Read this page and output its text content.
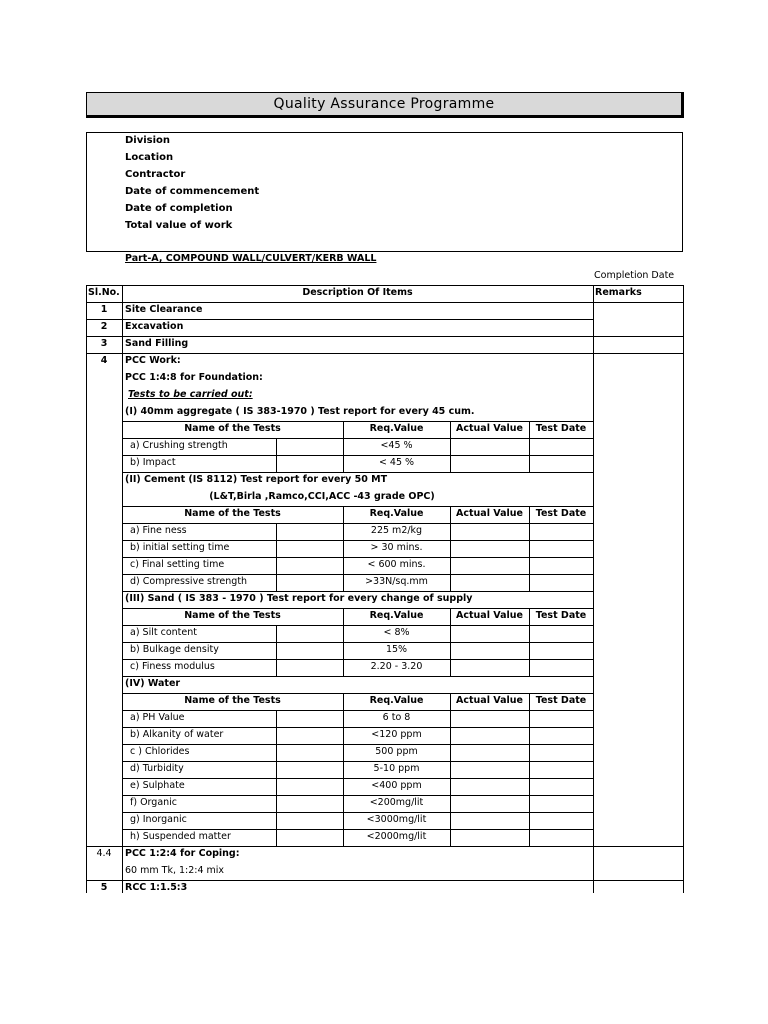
Quality Assurance Programme
Division
Location
Contractor
Date of commencement
Date of completion
Total value of work
Part-A, COMPOUND WALL/CULVERT/KERB WALL
Completion Date
Sl.No.	Description Of Items	Remarks
1	Site Clearance
2	Excavation
3	Sand Filling
4	PCC Work:
PCC 1:4:8 for Foundation:
Tests to be carried out:
(I) 40mm aggregate ( IS 383-1970 ) Test report for every 45 cum.
Name of the Tests	Req.Value	Actual Value	Test Date
a) Crushing strength	<45 %
b) Impact	< 45 %
(II) Cement (IS 8112) Test report for every 50 MT
(L&T,Birla ,Ramco,CCI,ACC -43 grade OPC)
Name of the Tests	Req.Value	Actual Value	Test Date
a) Fine ness	225 m2/kg
b) initial setting time	> 30 mins.
c) Final setting time	< 600 mins.
d) Compressive strength	>33N/sq.mm
(III) Sand ( IS 383 - 1970 ) Test report for every change of supply
Name of the Tests	Req.Value	Actual Value	Test Date
a) Silt content	< 8%
b) Bulkage density	15%
c) Finess modulus	2.20 - 3.20
(IV) Water
Name of the Tests	Req.Value	Actual Value	Test Date
a) PH Value	6 to 8
b) Alkanity of water	<120 ppm
c ) Chlorides	500 ppm
d) Turbidity	5-10 ppm
e) Sulphate	<400 ppm
f) Organic	<200mg/lit
g) Inorganic	<3000mg/lit
h) Suspended matter	<2000mg/lit
4.4	PCC 1:2:4 for Coping:
60 mm Tk, 1:2:4 mix
5	RCC 1:1.5:3
